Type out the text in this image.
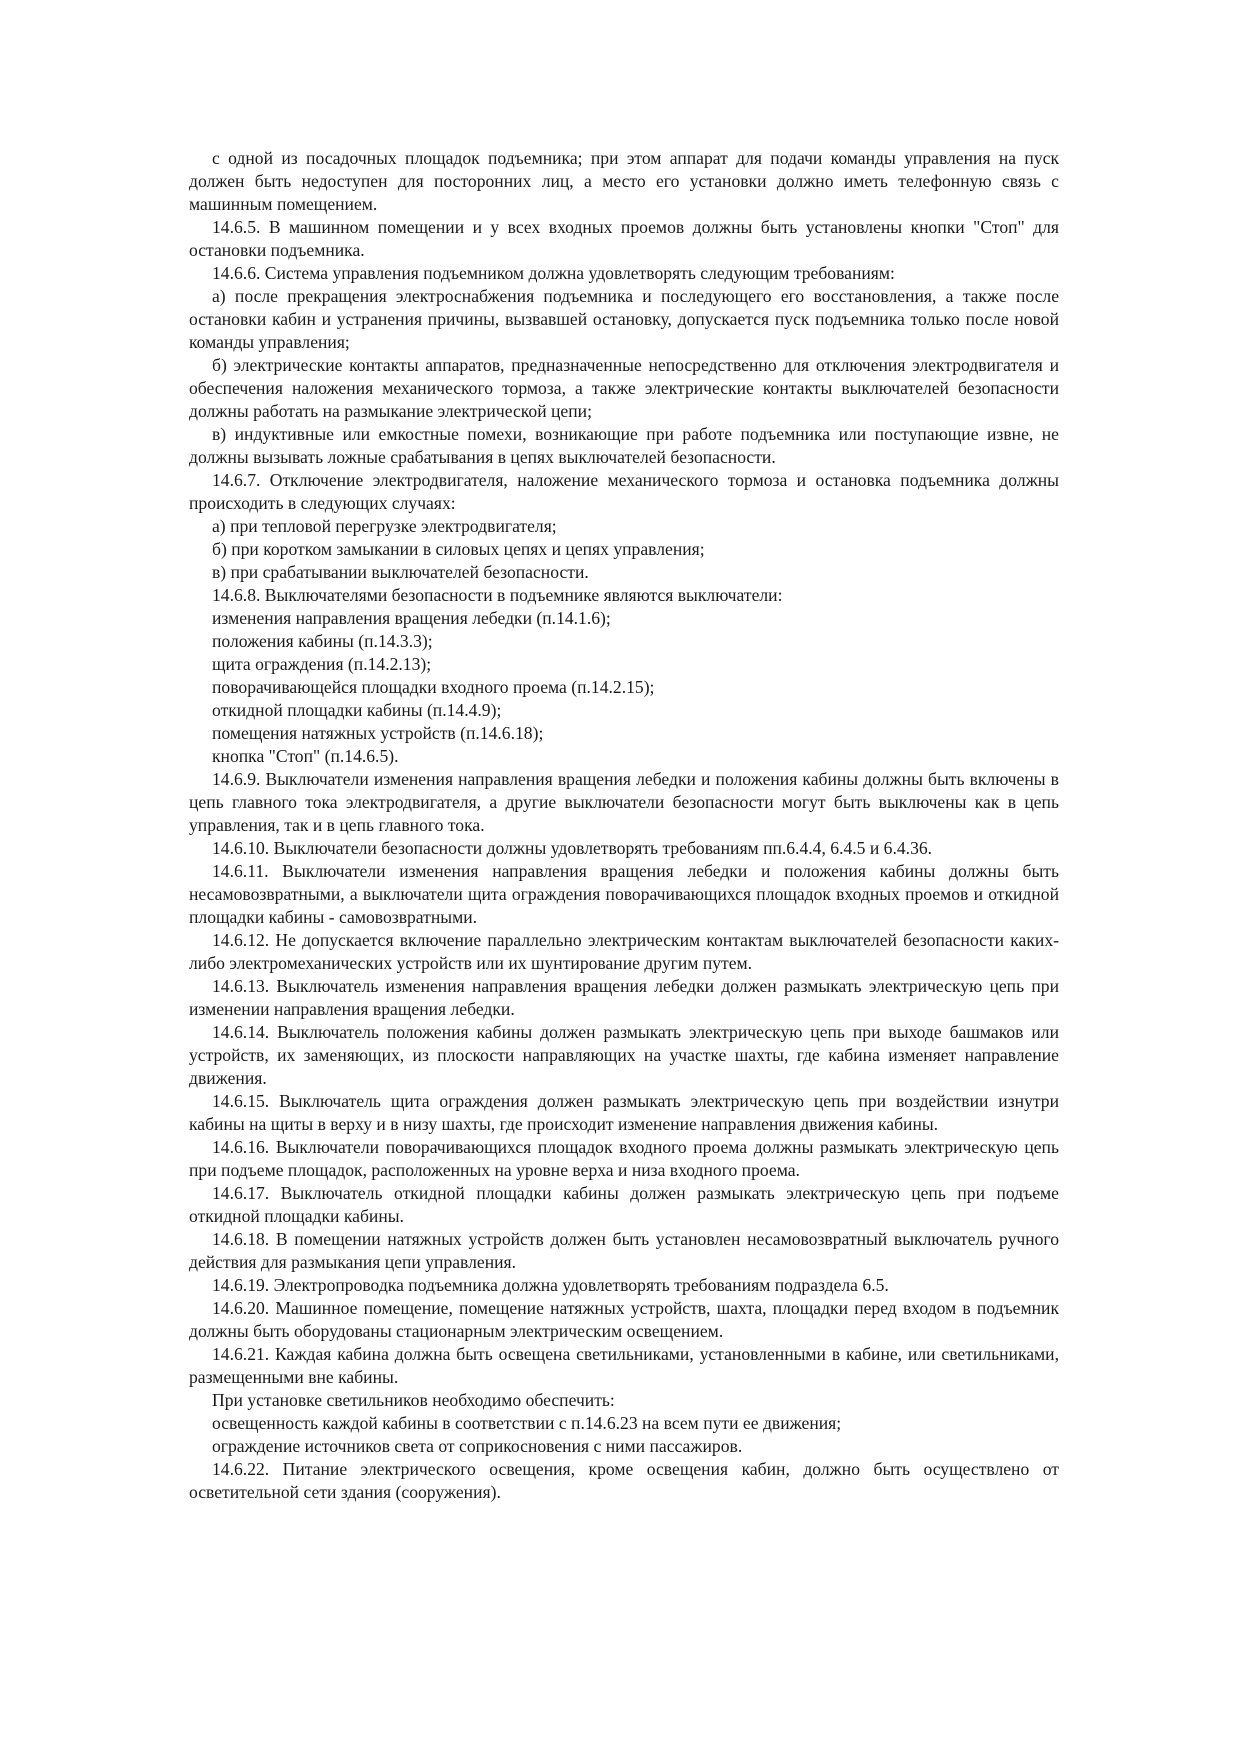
с одной из посадочных площадок подъемника; при этом аппарат для подачи команды управления на пуск должен быть недоступен для посторонних лиц, а место его установки должно иметь телефонную связь с машинным помещением.

14.6.5. В машинном помещении и у всех входных проемов должны быть установлены кнопки "Стоп" для остановки подъемника.

14.6.6. Система управления подъемником должна удовлетворять следующим требованиям:

а) после прекращения электроснабжения подъемника и последующего его восстановления, а также после остановки кабин и устранения причины, вызвавшей остановку, допускается пуск подъемника только после новой команды управления;

б) электрические контакты аппаратов, предназначенные непосредственно для отключения электродвигателя и обеспечения наложения механического тормоза, а также электрические контакты выключателей безопасности должны работать на размыкание электрической цепи;

в) индуктивные или емкостные помехи, возникающие при работе подъемника или поступающие извне, не должны вызывать ложные срабатывания в цепях выключателей безопасности.

14.6.7. Отключение электродвигателя, наложение механического тормоза и остановка подъемника должны происходить в следующих случаях:

а) при тепловой перегрузке электродвигателя;

б) при коротком замыкании в силовых цепях и цепях управления;

в) при срабатывании выключателей безопасности.

14.6.8. Выключателями безопасности в подъемнике являются выключатели:

изменения направления вращения лебедки (п.14.1.6);

положения кабины (п.14.3.3);

щита ограждения (п.14.2.13);

поворачивающейся площадки входного проема (п.14.2.15);

откидной площадки кабины (п.14.4.9);

помещения натяжных устройств (п.14.6.18);

кнопка "Стоп" (п.14.6.5).

14.6.9. Выключатели изменения направления вращения лебедки и положения кабины должны быть включены в цепь главного тока электродвигателя, а другие выключатели безопасности могут быть выключены как в цепь управления, так и в цепь главного тока.

14.6.10. Выключатели безопасности должны удовлетворять требованиям пп.6.4.4, 6.4.5 и 6.4.36.

14.6.11. Выключатели изменения направления вращения лебедки и положения кабины должны быть несамовозвратными, а выключатели щита ограждения поворачивающихся площадок входных проемов и откидной площадки кабины - самовозвратными.

14.6.12. Не допускается включение параллельно электрическим контактам выключателей безопасности каких-либо электромеханических устройств или их шунтирование другим путем.

14.6.13. Выключатель изменения направления вращения лебедки должен размыкать электрическую цепь при изменении направления вращения лебедки.

14.6.14. Выключатель положения кабины должен размыкать электрическую цепь при выходе башмаков или устройств, их заменяющих, из плоскости направляющих на участке шахты, где кабина изменяет направление движения.

14.6.15. Выключатель щита ограждения должен размыкать электрическую цепь при воздействии изнутри кабины на щиты в верху и в низу шахты, где происходит изменение направления движения кабины.

14.6.16. Выключатели поворачивающихся площадок входного проема должны размыкать электрическую цепь при подъеме площадок, расположенных на уровне верха и низа входного проема.

14.6.17. Выключатель откидной площадки кабины должен размыкать электрическую цепь при подъеме откидной площадки кабины.

14.6.18. В помещении натяжных устройств должен быть установлен несамовозвратный выключатель ручного действия для размыкания цепи управления.

14.6.19. Электропроводка подъемника должна удовлетворять требованиям подраздела 6.5.

14.6.20. Машинное помещение, помещение натяжных устройств, шахта, площадки перед входом в подъемник должны быть оборудованы стационарным электрическим освещением.

14.6.21. Каждая кабина должна быть освещена светильниками, установленными в кабине, или светильниками, размещенными вне кабины.

При установке светильников необходимо обеспечить:

освещенность каждой кабины в соответствии с п.14.6.23 на всем пути ее движения;

ограждение источников света от соприкосновения с ними пассажиров.

14.6.22. Питание электрического освещения, кроме освещения кабин, должно быть осуществлено от осветительной сети здания (сооружения).
